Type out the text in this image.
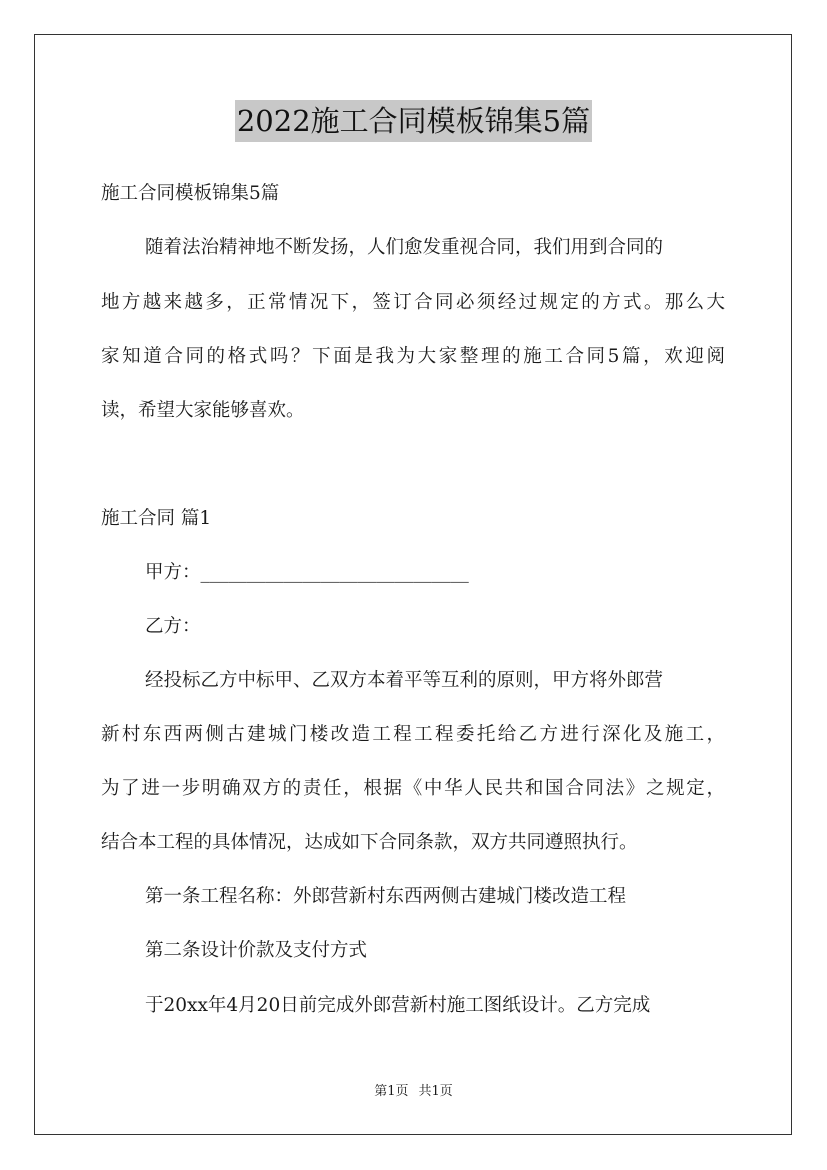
2022施工合同模板锦集5篇
施工合同模板锦集5篇
随着法治精神地不断发扬，人们愈发重视合同，我们用到合同的
地方越来越多，正常情况下，签订合同必须经过规定的方式。那么大
家知道合同的格式吗？下面是我为大家整理的施工合同5篇，欢迎阅
读，希望大家能够喜欢。
施工合同 篇1
甲方：_____________________________
乙方：
经投标乙方中标甲、乙双方本着平等互利的原则，甲方将外郎营
新村东西两侧古建城门楼改造工程工程委托给乙方进行深化及施工，
为了进一步明确双方的责任，根据《中华人民共和国合同法》之规定，
结合本工程的具体情况，达成如下合同条款，双方共同遵照执行。
第一条工程名称：外郎营新村东西两侧古建城门楼改造工程
第二条设计价款及支付方式
于20xx年4月20日前完成外郎营新村施工图纸设计。乙方完成
第1页 共1页
